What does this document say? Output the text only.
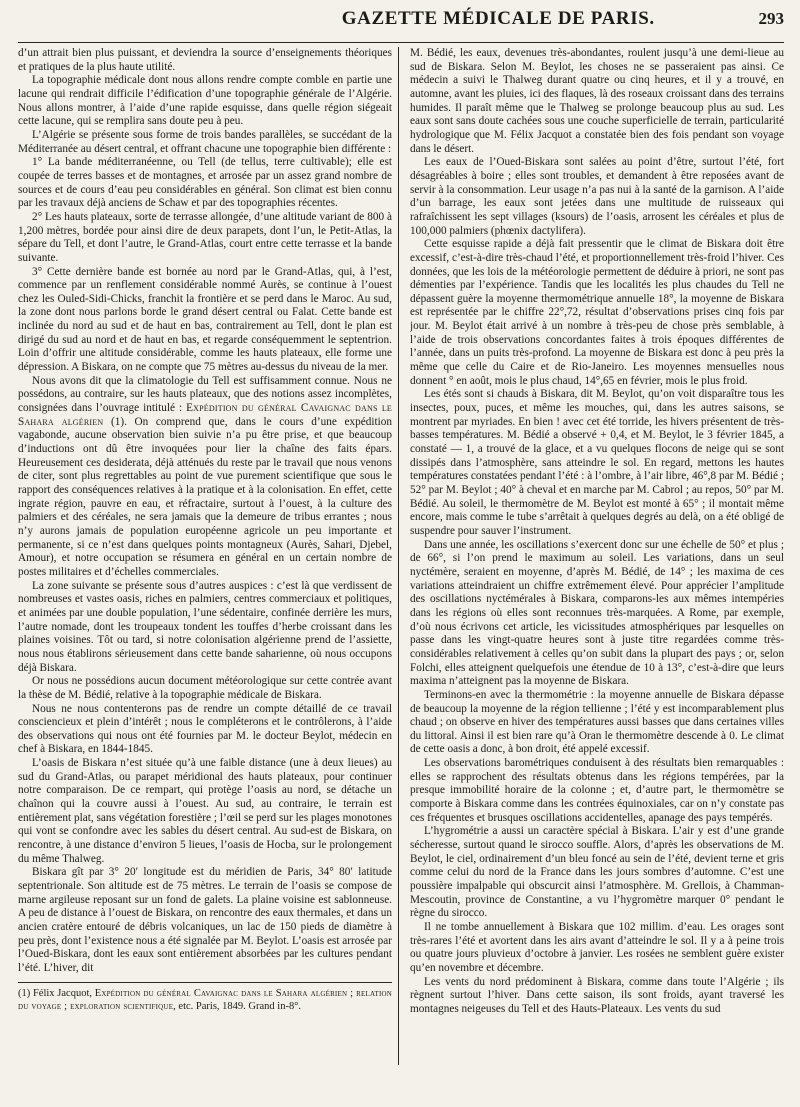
GAZETTE MÉDICALE DE PARIS.	293

d’un attrait bien plus puissant, et deviendra la source d’enseignements théoriques et pratiques de la plus haute utilité.

La topographie médicale dont nous allons rendre compte comble en partie une lacune qui rendrait difficile l’édification d’une topographie générale de l’Algérie. Nous allons montrer, à l’aide d’une rapide esquisse, dans quelle région siégeait cette lacune, qui se remplira sans doute peu à peu.

L’Algérie se présente sous forme de trois bandes parallèles, se succédant de la Méditerranée au désert central, et offrant chacune une topographie bien différente :

1° La bande méditerranéenne, ou Tell (de tellus, terre cultivable); elle est coupée de terres basses et de montagnes, et arrosée par un assez grand nombre de sources et de cours d’eau peu considérables en général. Son climat est bien connu par les travaux déjà anciens de Schaw et par des topographies récentes.

2° Les hauts plateaux, sorte de terrasse allongée, d’une altitude variant de 800 à 1,200 mètres, bordée pour ainsi dire de deux parapets, dont l’un, le Petit-Atlas, la sépare du Tell, et dont l’autre, le Grand-Atlas, court entre cette terrasse et la bande suivante.

3° Cette dernière bande est bornée au nord par le Grand-Atlas, qui, à l’est, commence par un renflement considérable nommé Aurès, se continue à l’ouest chez les Ouled-Sidi-Chicks, franchit la frontière et se perd dans le Maroc. Au sud, la zone dont nous parlons borde le grand désert central ou Falat. Cette bande est inclinée du nord au sud et de haut en bas, contrairement au Tell, dont le plan est dirigé du sud au nord et de haut en bas, et regarde conséquemment le septentrion. Loin d’offrir une altitude considérable, comme les hauts plateaux, elle forme une dépression. A Biskara, on ne compte que 75 mètres au-dessus du niveau de la mer.

Nous avons dit que la climatologie du Tell est suffisamment connue. Nous ne possédons, au contraire, sur les hauts plateaux, que des notions assez incomplètes, consignées dans l’ouvrage intitulé : Expédition du général Cavaignac dans le Sahara algérien (1). On comprend que, dans le cours d’une expédition vagabonde, aucune observation bien suivie n’a pu être prise, et que beaucoup d’inductions ont dû être invoquées pour lier la chaîne des faits épars. Heureusement ces desiderata, déjà atténués du reste par le travail que nous venons de citer, sont plus regrettables au point de vue purement scientifique que sous le rapport des conséquences relatives à la pratique et à la colonisation. En effet, cette ingrate région, pauvre en eau, et réfractaire, surtout à l’ouest, à la culture des palmiers et des céréales, ne sera jamais que la demeure de tribus errantes ; nous n’y aurons jamais de population européenne agricole un peu importante et permanente, si ce n’est dans quelques points montagneux (Aurès, Sahari, Djebel, Amour), et notre occupation se résumera en général en un certain nombre de postes militaires et d’échelles commerciales.

La zone suivante se présente sous d’autres auspices : c’est là que verdissent de nombreuses et vastes oasis, riches en palmiers, centres commerciaux et politiques, et animées par une double population, l’une sédentaire, confinée derrière les murs, l’autre nomade, dont les troupeaux tondent les touffes d’herbe croissant dans les plaines voisines. Tôt ou tard, si notre colonisation algérienne prend de l’assiette, nous nous établirons sérieusement dans cette bande saharienne, où nous occupons déjà Biskara.

Or nous ne possédions aucun document météorologique sur cette contrée avant la thèse de M. Bédié, relative à la topographie médicale de Biskara.

Nous ne nous contenterons pas de rendre un compte détaillé de ce travail consciencieux et plein d’intérêt ; nous le compléterons et le contrôlerons, à l’aide des observations qui nous ont été fournies par M. le docteur Beylot, médecin en chef à Biskara, en 1844-1845.

L’oasis de Biskara n’est située qu’à une faible distance (une à deux lieues) au sud du Grand-Atlas, ou parapet méridional des hauts plateaux, pour continuer notre comparaison. De ce rempart, qui protège l’oasis au nord, se détache un chaînon qui la couvre aussi à l’ouest. Au sud, au contraire, le terrain est entièrement plat, sans végétation forestière ; l’œil se perd sur les plages monotones qui vont se confondre avec les sables du désert central. Au sud-est de Biskara, on rencontre, à une distance d’environ 5 lieues, l’oasis de Hocba, sur le prolongement du même Thalweg.

Biskara gît par 3° 20′ longitude est du méridien de Paris, 34° 80′ latitude septentrionale. Son altitude est de 75 mètres. Le terrain de l’oasis se compose de marne argileuse reposant sur un fond de galets. La plaine voisine est sablonneuse. A peu de distance à l’ouest de Biskara, on rencontre des eaux thermales, et dans un ancien cratère entouré de débris volcaniques, un lac de 150 pieds de diamètre à peu près, dont l’existence nous a été signalée par M. Beylot. L’oasis est arrosée par l’Oued-Biskara, dont les eaux sont entièrement absorbées par les cultures pendant l’été. L’hiver, dit

(1) Félix Jacquot, Expédition du général Cavaignac dans le Sahara algérien ; relation du voyage ; exploration scientifique, etc. Paris, 1849. Grand in-8°.

M. Bédié, les eaux, devenues très-abondantes, roulent jusqu’à une demi-lieue au sud de Biskara. Selon M. Beylot, les choses ne se passeraient pas ainsi. Ce médecin a suivi le Thalweg durant quatre ou cinq heures, et il y a trouvé, en automne, avant les pluies, ici des flaques, là des roseaux croissant dans des terrains humides. Il paraît même que le Thalweg se prolonge beaucoup plus au sud. Les eaux sont sans doute cachées sous une couche superficielle de terrain, particularité hydrologique que M. Félix Jacquot a constatée bien des fois pendant son voyage dans le désert.

Les eaux de l’Oued-Biskara sont salées au point d’être, surtout l’été, fort désagréables à boire ; elles sont troubles, et demandent à être reposées avant de servir à la consommation. Leur usage n’a pas nui à la santé de la garnison. A l’aide d’un barrage, les eaux sont jetées dans une multitude de ruisseaux qui rafraîchissent les sept villages (ksours) de l’oasis, arrosent les céréales et plus de 100,000 palmiers (phœnix dactylifera).

Cette esquisse rapide a déjà fait pressentir que le climat de Biskara doit être excessif, c’est-à-dire très-chaud l’été, et proportionnellement très-froid l’hiver. Ces données, que les lois de la météorologie permettent de déduire à priori, ne sont pas démenties par l’expérience. Tandis que les localités les plus chaudes du Tell ne dépassent guère la moyenne thermométrique annuelle 18°, la moyenne de Biskara est représentée par le chiffre 22°,72, résultat d’observations prises cinq fois par jour. M. Beylot était arrivé à un nombre à très-peu de chose près semblable, à l’aide de trois observations concordantes faites à trois époques différentes de l’année, dans un puits très-profond. La moyenne de Biskara est donc à peu près la même que celle du Caire et de Rio-Janeiro. Les moyennes mensuelles nous donnent ° en août, mois le plus chaud, 14°,65 en février, mois le plus froid.

Les étés sont si chauds à Biskara, dit M. Beylot, qu’on voit disparaître tous les insectes, poux, puces, et même les mouches, qui, dans les autres saisons, se montrent par myriades. En bien ! avec cet été torride, les hivers présentent de très-basses températures. M. Bédié a observé + 0,4, et M. Beylot, le 3 février 1845, a constaté — 1, a trouvé de la glace, et a vu quelques flocons de neige qui se sont dissipés dans l’atmosphère, sans atteindre le sol. En regard, mettons les hautes températures constatées pendant l’été : à l’ombre, à l’air libre, 46°,8 par M. Bédié ; 52° par M. Beylot ; 40° à cheval et en marche par M. Cabrol ; au repos, 50° par M. Bédié. Au soleil, le thermomètre de M. Beylot est monté à 65° ; il montait même encore, mais comme le tube s’arrêtait à quelques degrés au delà, on a été obligé de suspendre pour sauver l’instrument.

Dans une année, les oscillations s’exercent donc sur une échelle de 50° et plus ; de 66°, si l’on prend le maximum au soleil. Les variations, dans un seul nyctémère, seraient en moyenne, d’après M. Bédié, de 14° ; les maxima de ces variations atteindraient un chiffre extrêmement élevé. Pour apprécier l’amplitude des oscillations nyctémérales à Biskara, comparons-les aux mêmes intempéries dans les régions où elles sont reconnues très-marquées. A Rome, par exemple, d’où nous écrivons cet article, les vicissitudes atmosphériques par lesquelles on passe dans les vingt-quatre heures sont à juste titre regardées comme très-considérables relativement à celles qu’on subit dans la plupart des pays ; or, selon Folchi, elles atteignent quelquefois une étendue de 10 à 13°, c’est-à-dire que leurs maxima n’atteignent pas la moyenne de Biskara.

Terminons-en avec la thermométrie : la moyenne annuelle de Biskara dépasse de beaucoup la moyenne de la région tellienne ; l’été y est incomparablement plus chaud ; on observe en hiver des températures aussi basses que dans certaines villes du littoral. Ainsi il est bien rare qu’à Oran le thermomètre descende à 0. Le climat de cette oasis a donc, à bon droit, été appelé excessif.

Les observations barométriques conduisent à des résultats bien remarquables : elles se rapprochent des résultats obtenus dans les régions tempérées, par la presque immobilité horaire de la colonne ; et, d’autre part, le thermomètre se comporte à Biskara comme dans les contrées équinoxiales, car on n’y constate pas ces fréquentes et brusques oscillations accidentelles, apanage des pays tempérés.

L’hygrométrie a aussi un caractère spécial à Biskara. L’air y est d’une grande sécheresse, surtout quand le sirocco souffle. Alors, d’après les observations de M. Beylot, le ciel, ordinairement d’un bleu foncé au sein de l’été, devient terne et gris comme celui du nord de la France dans les jours sombres d’automne. C’est une poussière impalpable qui obscurcit ainsi l’atmosphère. M. Grellois, à Chamman-Mescoutin, province de Constantine, a vu l’hygromètre marquer 0° pendant le règne du sirocco.

Il ne tombe annuellement à Biskara que 102 millim. d’eau. Les orages sont très-rares l’été et avortent dans les airs avant d’atteindre le sol. Il y a à peine trois ou quatre jours pluvieux d’octobre à janvier. Les rosées ne semblent guère exister qu’en novembre et décembre.

Les vents du nord prédominent à Biskara, comme dans toute l’Algérie ; ils règnent surtout l’hiver. Dans cette saison, ils sont froids, ayant traversé les montagnes neigeuses du Tell et des Hauts-Plateaux. Les vents du sud
